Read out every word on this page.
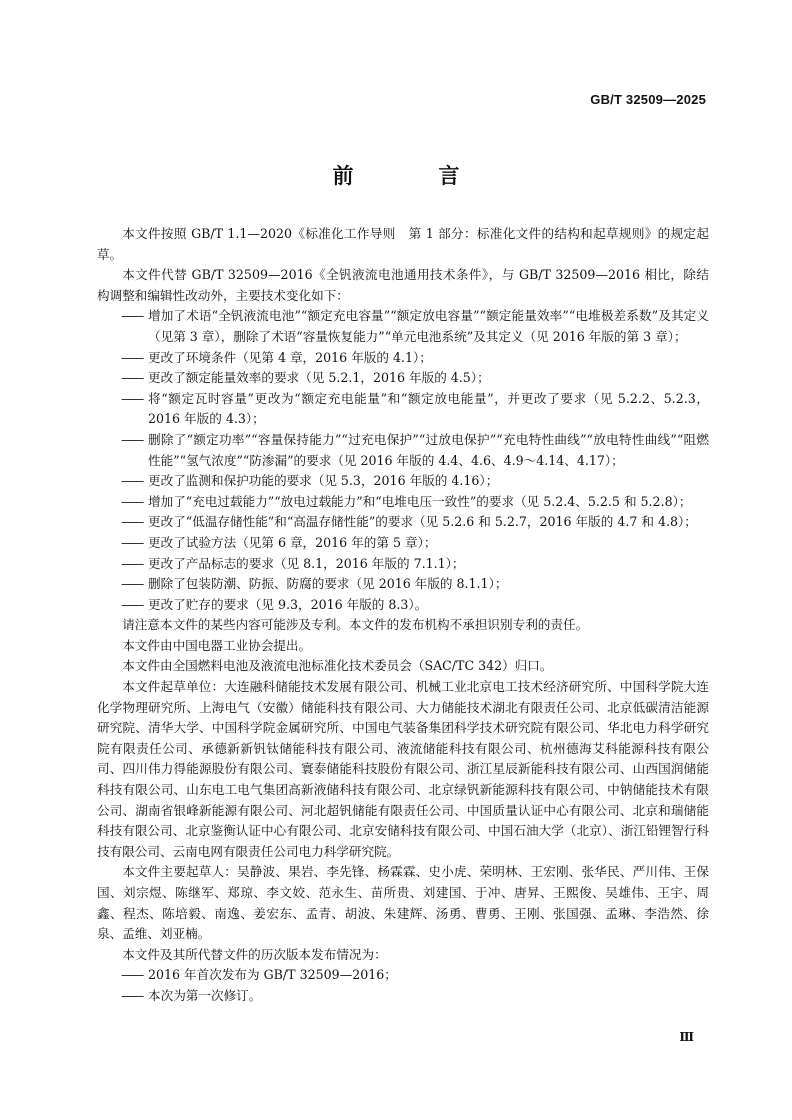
GB/T 32509—2025
前　言

本文件按照 GB/T 1.1—2020《标准化工作导则　第 1 部分：标准化文件的结构和起草规则》的规定起草。

本文件代替 GB/T 32509—2016《全钒液流电池通用技术条件》，与 GB/T 32509—2016 相比，除结构调整和编辑性改动外，主要技术变化如下：

—— 增加了术语“全钒液流电池”“额定充电容量”“额定放电容量”“额定能量效率”“电堆极差系数”及其定义（见第 3 章），删除了术语“容量恢复能力”“单元电池系统”及其定义（见 2016 年版的第 3 章）；

—— 更改了环境条件（见第 4 章，2016 年版的 4.1）；

—— 更改了额定能量效率的要求（见 5.2.1，2016 年版的 4.5）；

—— 将“额定瓦时容量”更改为“额定充电能量”和“额定放电能量”，并更改了要求（见 5.2.2、5.2.3，2016 年版的 4.3）；

—— 删除了“额定功率”“容量保持能力”“过充电保护”“过放电保护”“充电特性曲线”“放电特性曲线”“阻燃性能”“氢气浓度”“防渗漏”的要求（见 2016 年版的 4.4、4.6、4.9～4.14、4.17）；

—— 更改了监测和保护功能的要求（见 5.3，2016 年版的 4.16）；

—— 增加了“充电过载能力”“放电过载能力”和“电堆电压一致性”的要求（见 5.2.4、5.2.5 和 5.2.8）；

—— 更改了“低温存储性能”和“高温存储性能”的要求（见 5.2.6 和 5.2.7，2016 年版的 4.7 和 4.8）；

—— 更改了试验方法（见第 6 章，2016 年的第 5 章）；

—— 更改了产品标志的要求（见 8.1，2016 年版的 7.1.1）；

—— 删除了包装防潮、防振、防腐的要求（见 2016 年版的 8.1.1）；

—— 更改了贮存的要求（见 9.3，2016 年版的 8.3）。

请注意本文件的某些内容可能涉及专利。本文件的发布机构不承担识别专利的责任。

本文件由中国电器工业协会提出。

本文件由全国燃料电池及液流电池标准化技术委员会（SAC/TC 342）归口。

本文件起草单位：大连融科储能技术发展有限公司、机械工业北京电工技术经济研究所、中国科学院大连化学物理研究所、上海电气（安徽）储能科技有限公司、大力储能技术湖北有限责任公司、北京低碳清洁能源研究院、清华大学、中国科学院金属研究所、中国电气装备集团科学技术研究院有限公司、华北电力科学研究院有限责任公司、承德新新钒钛储能科技有限公司、液流储能科技有限公司、杭州德海艾科能源科技有限公司、四川伟力得能源股份有限公司、寰泰储能科技股份有限公司、浙江星辰新能科技有限公司、山西国润储能科技有限公司、山东电工电气集团高新液储科技有限公司、北京绿钒新能源科技有限公司、中钠储能技术有限公司、湖南省银峰新能源有限公司、河北超钒储能有限责任公司、中国质量认证中心有限公司、北京和瑞储能科技有限公司、北京鉴衡认证中心有限公司、北京安储科技有限公司、中国石油大学（北京）、浙江铅锂智行科技有限公司、云南电网有限责任公司电力科学研究院。

本文件主要起草人：吴静波、果岩、李先锋、杨霖霖、史小虎、荣明林、王宏刚、张华民、严川伟、王保国、刘宗煜、陈继军、郑琼、李文姣、范永生、苗所贵、刘建国、于冲、唐昇、王熙俊、吴雄伟、王宇、周鑫、程杰、陈培毅、南逸、姜宏东、孟青、胡波、朱建辉、汤勇、曹勇、王刚、张国强、孟琳、李浩然、徐泉、孟维、刘亚楠。

本文件及其所代替文件的历次版本发布情况为：

—— 2016 年首次发布为 GB/T 32509—2016；

—— 本次为第一次修订。

Ⅲ
